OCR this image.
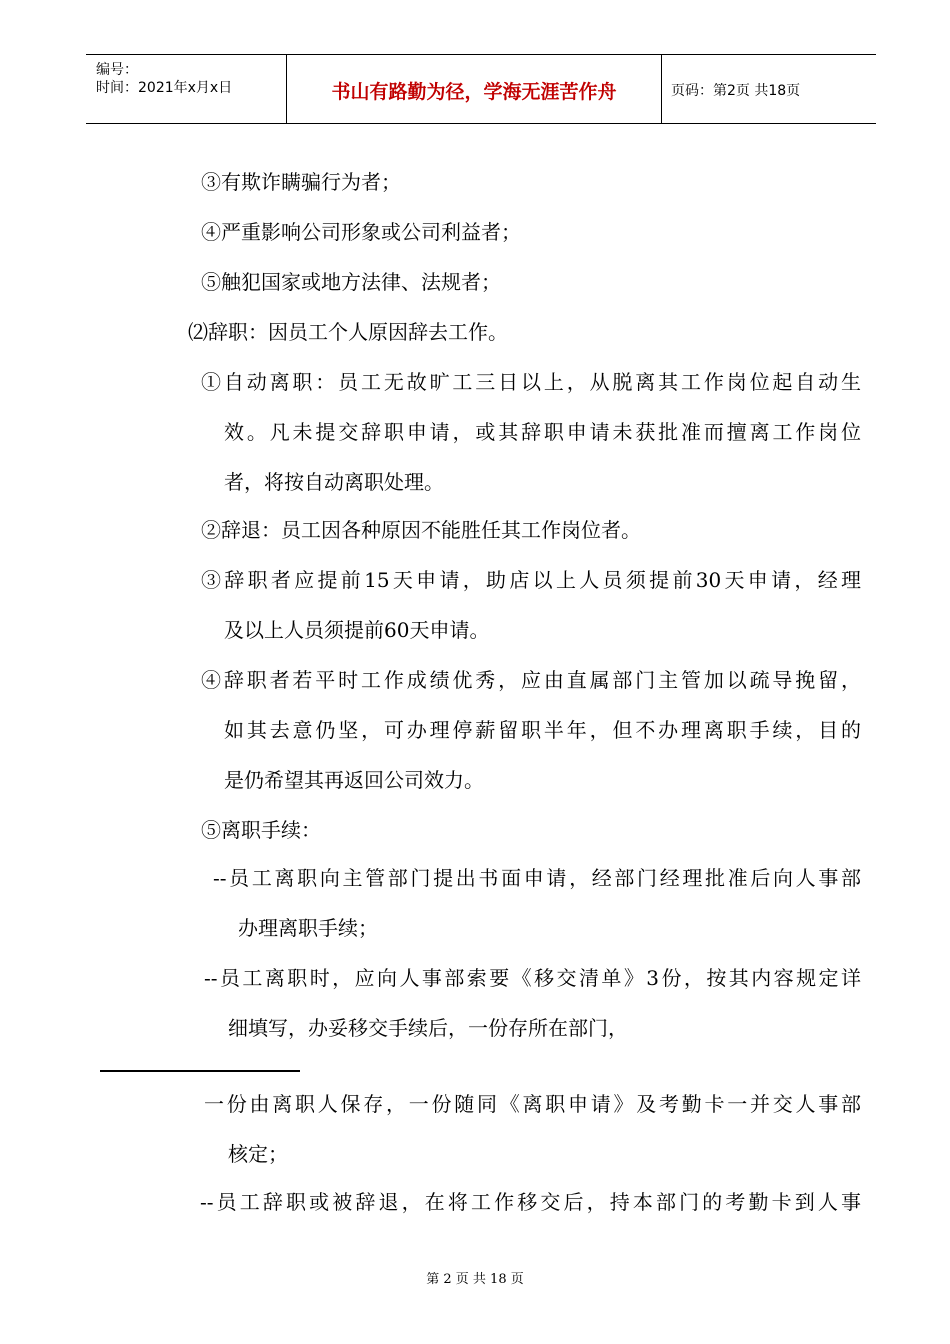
编号：
时间：2021年x月x日	书山有路勤为径，学海无涯苦作舟	页码：第2页 共18页
③有欺诈瞒骗行为者；
④严重影响公司形象或公司利益者；
⑤触犯国家或地方法律、法规者；
⑵辞职：因员工个人原因辞去工作。
①自动离职：员工无故旷工三日以上，从脱离其工作岗位起自动生
效。凡未提交辞职申请，或其辞职申请未获批准而擅离工作岗位
者，将按自动离职处理。
②辞退：员工因各种原因不能胜任其工作岗位者。
③辞职者应提前15天申请，助店以上人员须提前30天申请，经理
及以上人员须提前60天申请。
④辞职者若平时工作成绩优秀，应由直属部门主管加以疏导挽留，
如其去意仍坚，可办理停薪留职半年，但不办理离职手续，目的
是仍希望其再返回公司效力。
⑤离职手续：
--员工离职向主管部门提出书面申请，经部门经理批准后向人事部
办理离职手续；
--员工离职时，应向人事部索要《移交清单》3份，按其内容规定详
细填写，办妥移交手续后，一份存所在部门，
一份由离职人保存，一份随同《离职申请》及考勤卡一并交人事部
核定；
--员工辞职或被辞退，在将工作移交后，持本部门的考勤卡到人事
第 2 页 共 18 页
